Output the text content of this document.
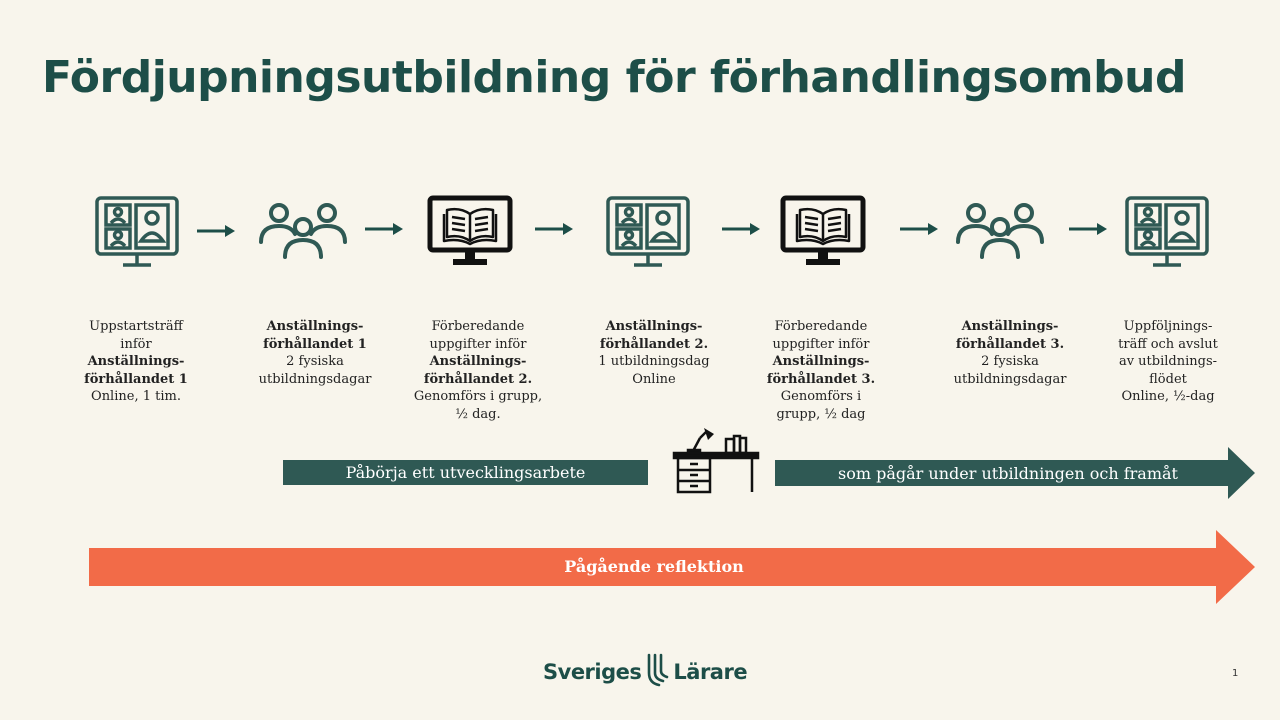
Fördjupningsutbildning för förhandlingsombud
Uppstartsträff
inför
Anställnings-
förhållandet 1
Online, 1 tim.
Anställnings-
förhållandet 1
2 fysiska
utbildningsdagar
Förberedande
uppgifter inför
Anställnings-
förhållandet 2.
Genomförs i grupp,
½ dag.
Anställnings-
förhållandet 2.
1 utbildningsdag
Online
Förberedande
uppgifter inför
Anställnings-
förhållandet 3.
Genomförs i
grupp, ½ dag
Anställnings-
förhållandet 3.
2 fysiska
utbildningsdagar
Uppföljnings-
träff och avslut
av utbildnings-
flödet
Online, ½-dag
Påbörja ett utvecklingsarbete	som pågår under utbildningen och framåt
Pågående reflektion
Sveriges Lärare	1
